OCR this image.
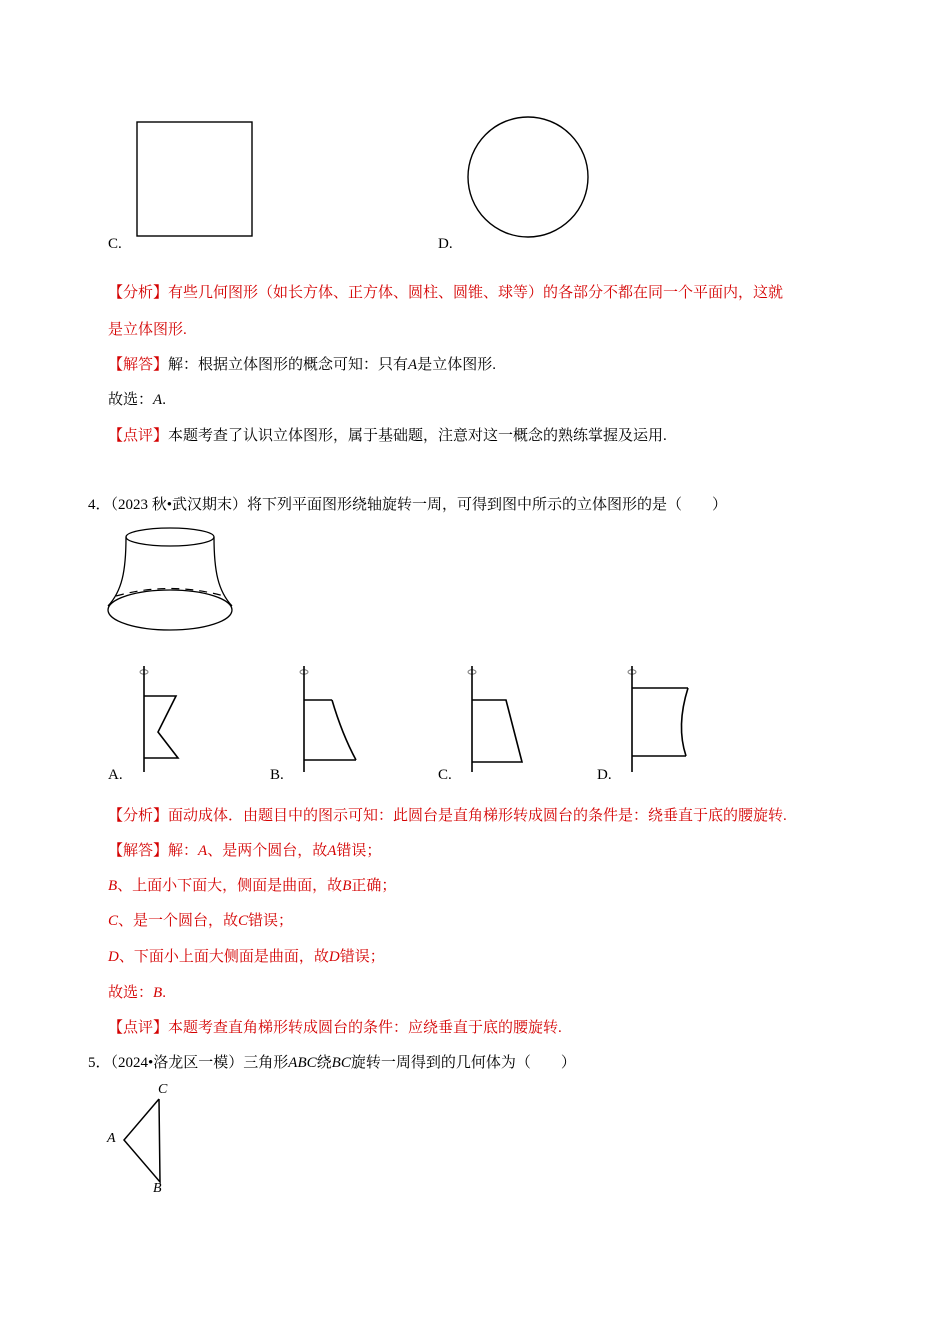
C.	D.
【分析】有些几何图形（如长方体、正方体、圆柱、圆锥、球等）的各部分不都在同一个平面内，这就
是立体图形.
【解答】解：根据立体图形的概念可知：只有A是立体图形.
故选：A.
【点评】本题考查了认识立体图形，属于基础题，注意对这一概念的熟练掌握及运用.
4．（2023 秋•武汉期末）将下列平面图形绕轴旋转一周，可得到图中所示的立体图形的是（　　）
A.	B.	C.	D.
【分析】面动成体．由题目中的图示可知：此圆台是直角梯形转成圆台的条件是：绕垂直于底的腰旋转.
【解答】解：A、是两个圆台，故A错误；
B、上面小下面大，侧面是曲面，故B正确；
C、是一个圆台，故C错误；
D、下面小上面大侧面是曲面，故D错误；
故选：B.
【点评】本题考查直角梯形转成圆台的条件：应绕垂直于底的腰旋转.
5．（2024•洛龙区一模）三角形ABC绕BC旋转一周得到的几何体为（　　）
C
A
B
